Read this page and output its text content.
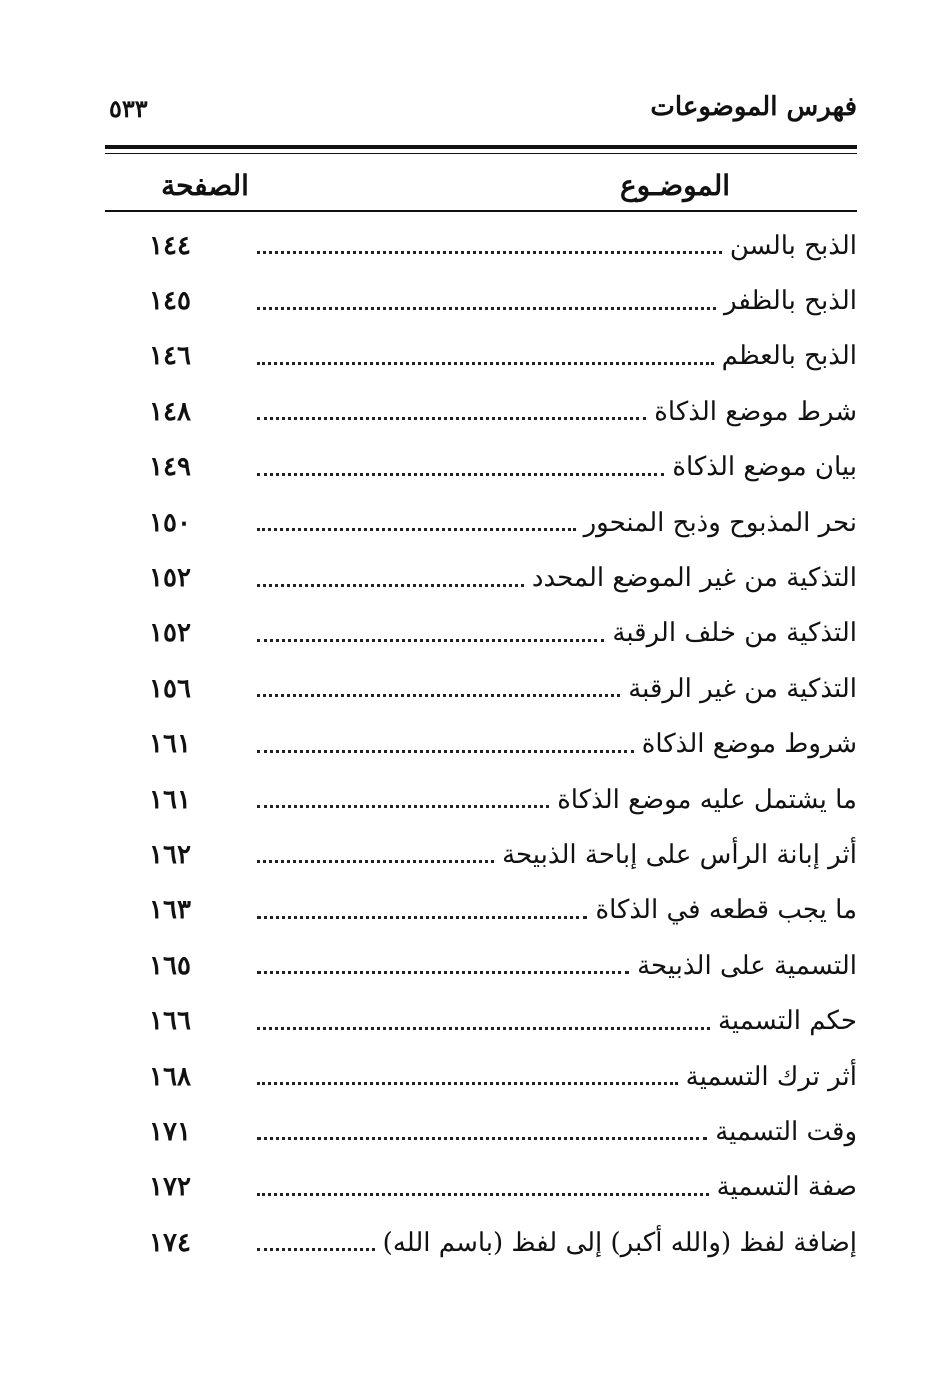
فهرس الموضوعات
٥٣٣
الموضـوع
الصفحة
١٤٤	الذبح بالسن
١٤٥	الذبح بالظفر
١٤٦	الذبح بالعظم
١٤٨	شرط موضع الذكاة
١٤٩	بيان موضع الذكاة
١٥٠	نحر المذبوح وذبح المنحور
١٥٢	التذكية من غير الموضع المحدد
١٥٢	التذكية من خلف الرقبة
١٥٦	التذكية من غير الرقبة
١٦١	شروط موضع الذكاة
١٦١	ما يشتمل عليه موضع الذكاة
١٦٢	أثر إبانة الرأس على إباحة الذبيحة
١٦٣	ما يجب قطعه في الذكاة
١٦٥	التسمية على الذبيحة
١٦٦	حكم التسمية
١٦٨	أثر ترك التسمية
١٧١	وقت التسمية
١٧٢	صفة التسمية
١٧٤	إضافة لفظ (والله أكبر) إلى لفظ (باسم الله)
